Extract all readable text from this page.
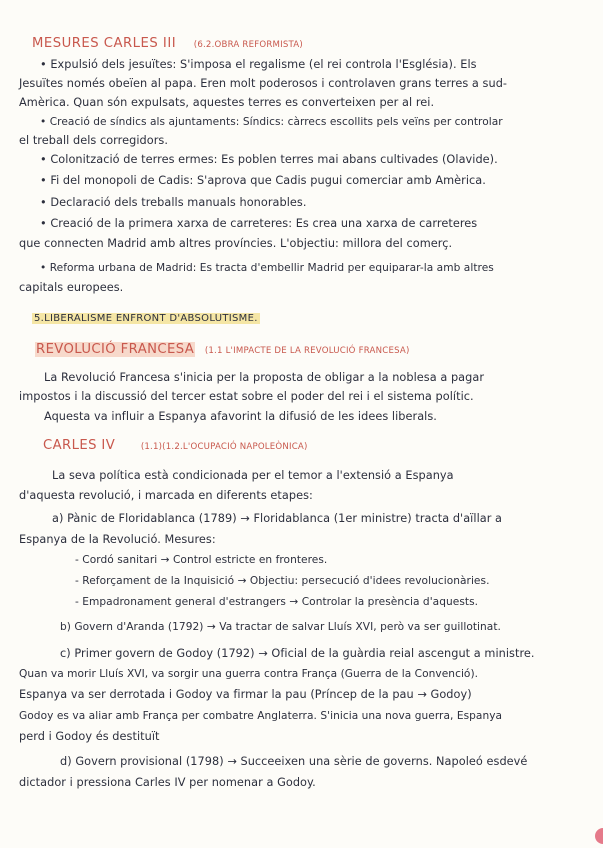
MESURES CARLES III (6.2.OBRA REFORMISTA)
• Expulsió dels jesuïtes: S'imposa el regalisme (el rei controla l'Església). Els
Jesuïtes només obeïen al papa. Eren molt poderosos i controlaven grans terres a sud-
Amèrica. Quan són expulsats, aquestes terres es converteixen per al rei.
• Creació de síndics als ajuntaments: Síndics: càrrecs escollits pels veïns per controlar
el treball dels corregidors.
• Colonització de terres ermes: Es poblen terres mai abans cultivades (Olavide).
• Fi del monopoli de Cadis: S'aprova que Cadis pugui comerciar amb Amèrica.
• Declaració dels treballs manuals honorables.
• Creació de la primera xarxa de carreteres: Es crea una xarxa de carreteres
que connecten Madrid amb altres províncies. L'objectiu: millora del comerç.
• Reforma urbana de Madrid: Es tracta d'embellir Madrid per equiparar-la amb altres
capitals europees.
5.LIBERALISME ENFRONT D'ABSOLUTISME.
REVOLUCIÓ FRANCESA (1.1 L'IMPACTE DE LA REVOLUCIÓ FRANCESA)
La Revolució Francesa s'inicia per la proposta de obligar a la noblesa a pagar
impostos i la discussió del tercer estat sobre el poder del rei i el sistema polític.
Aquesta va influir a Espanya afavorint la difusió de les idees liberals.
CARLES IV	(1.1)(1.2.L'OCUPACIÓ NAPOLEÒNICA)
La seva política està condicionada per el temor a l'extensió a Espanya
d'aquesta revolució, i marcada en diferents etapes:
a) Pànic de Floridablanca (1789) → Floridablanca (1er ministre) tracta d'aïllar a
Espanya de la Revolució. Mesures:
- Cordó sanitari → Control estricte en fronteres.
- Reforçament de la Inquisició → Objectiu: persecució d'idees revolucionàries.
- Empadronament general d'estrangers → Controlar la presència d'aquests.
b) Govern d'Aranda (1792) → Va tractar de salvar Lluís XVI, però va ser guillotinat.
c) Primer govern de Godoy (1792) → Oficial de la guàrdia reial ascengut a ministre.
Quan va morir Lluís XVI, va sorgir una guerra contra França (Guerra de la Convenció).
Espanya va ser derrotada i Godoy va firmar la pau (Príncep de la pau → Godoy)
Godoy es va aliar amb França per combatre Anglaterra. S'inicia una nova guerra, Espanya
perd i Godoy és destituït
d) Govern provisional (1798) → Succeeixen una sèrie de governs. Napoleó esdevé
dictador i pressiona Carles IV per nomenar a Godoy.
